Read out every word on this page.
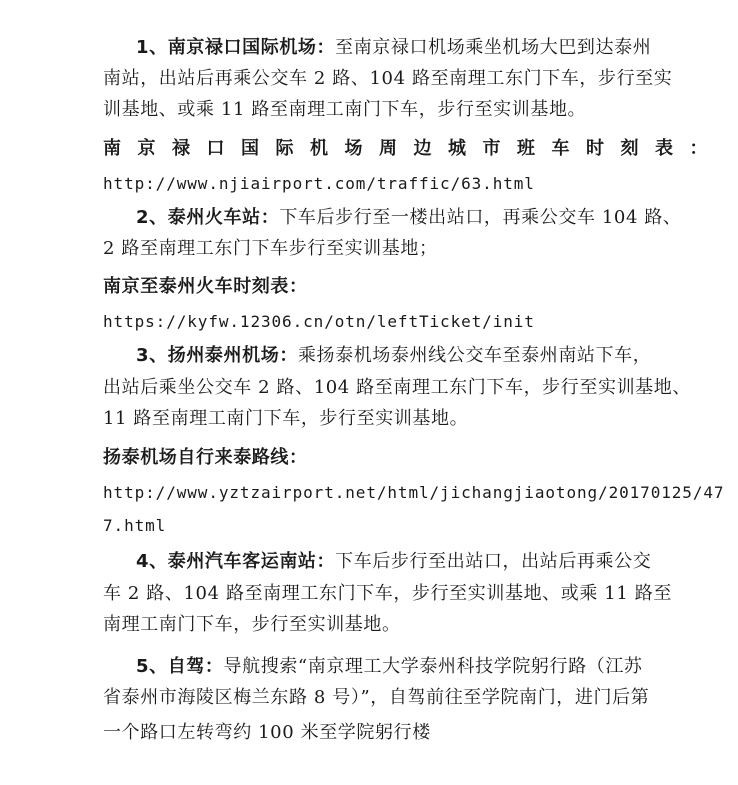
1、南京禄口国际机场：至南京禄口机场乘坐机场大巴到达泰州
南站，出站后再乘公交车 2 路、104 路至南理工东门下车，步行至实
训基地、或乘 11 路至南理工南门下车，步行至实训基地。
南京禄口国际机场周边城市班车时刻表：
http://www.njiairport.com/traffic/63.html
2、泰州火车站：下车后步行至一楼出站口，再乘公交车 104 路、
2 路至南理工东门下车步行至实训基地；
南京至泰州火车时刻表：
https://kyfw.12306.cn/otn/leftTicket/init
3、扬州泰州机场：乘扬泰机场泰州线公交车至泰州南站下车，
出站后乘坐公交车 2 路、104 路至南理工东门下车，步行至实训基地、
11 路至南理工南门下车，步行至实训基地。
扬泰机场自行来泰路线：
http://www.yztzairport.net/html/jichangjiaotong/20170125/47
7.html
4、泰州汽车客运南站：下车后步行至出站口，出站后再乘公交
车 2 路、104 路至南理工东门下车，步行至实训基地、或乘 11 路至
南理工南门下车，步行至实训基地。
5、自驾：导航搜索“南京理工大学泰州科技学院躬行路（江苏
省泰州市海陵区梅兰东路 8 号）”，自驾前往至学院南门，进门后第
一个路口左转弯约 100 米至学院躬行楼
